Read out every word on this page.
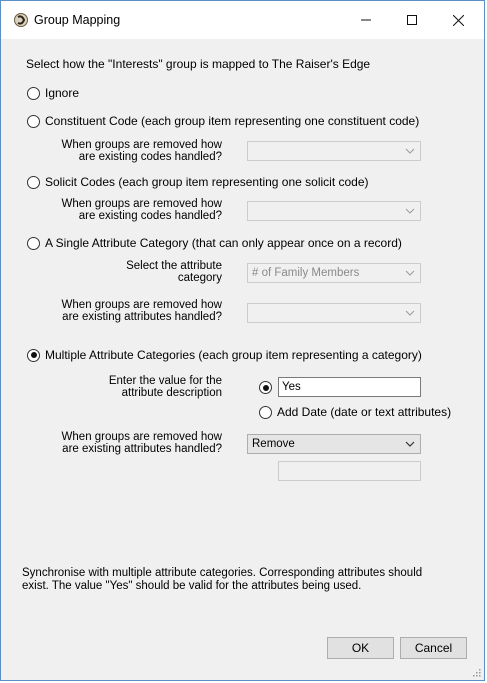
Group Mapping
Select how the "Interests" group is mapped to The Raiser's Edge
Ignore
Constituent Code (each group item representing one constituent code)
When groups are removed how
are existing codes handled?
Solicit Codes (each group item representing one solicit code)
When groups are removed how
are existing codes handled?
A Single Attribute Category (that can only appear once on a record)
Select the attribute
category	# of Family Members
When groups are removed how
are existing attributes handled?
Multiple Attribute Categories (each group item representing a category)
Enter the value for the
attribute description	Yes
Add Date (date or text attributes)
When groups are removed how
are existing attributes handled?	Remove
Synchronise with multiple attribute categories. Corresponding attributes should exist. The value "Yes" should be valid for the attributes being used.
OK	Cancel
